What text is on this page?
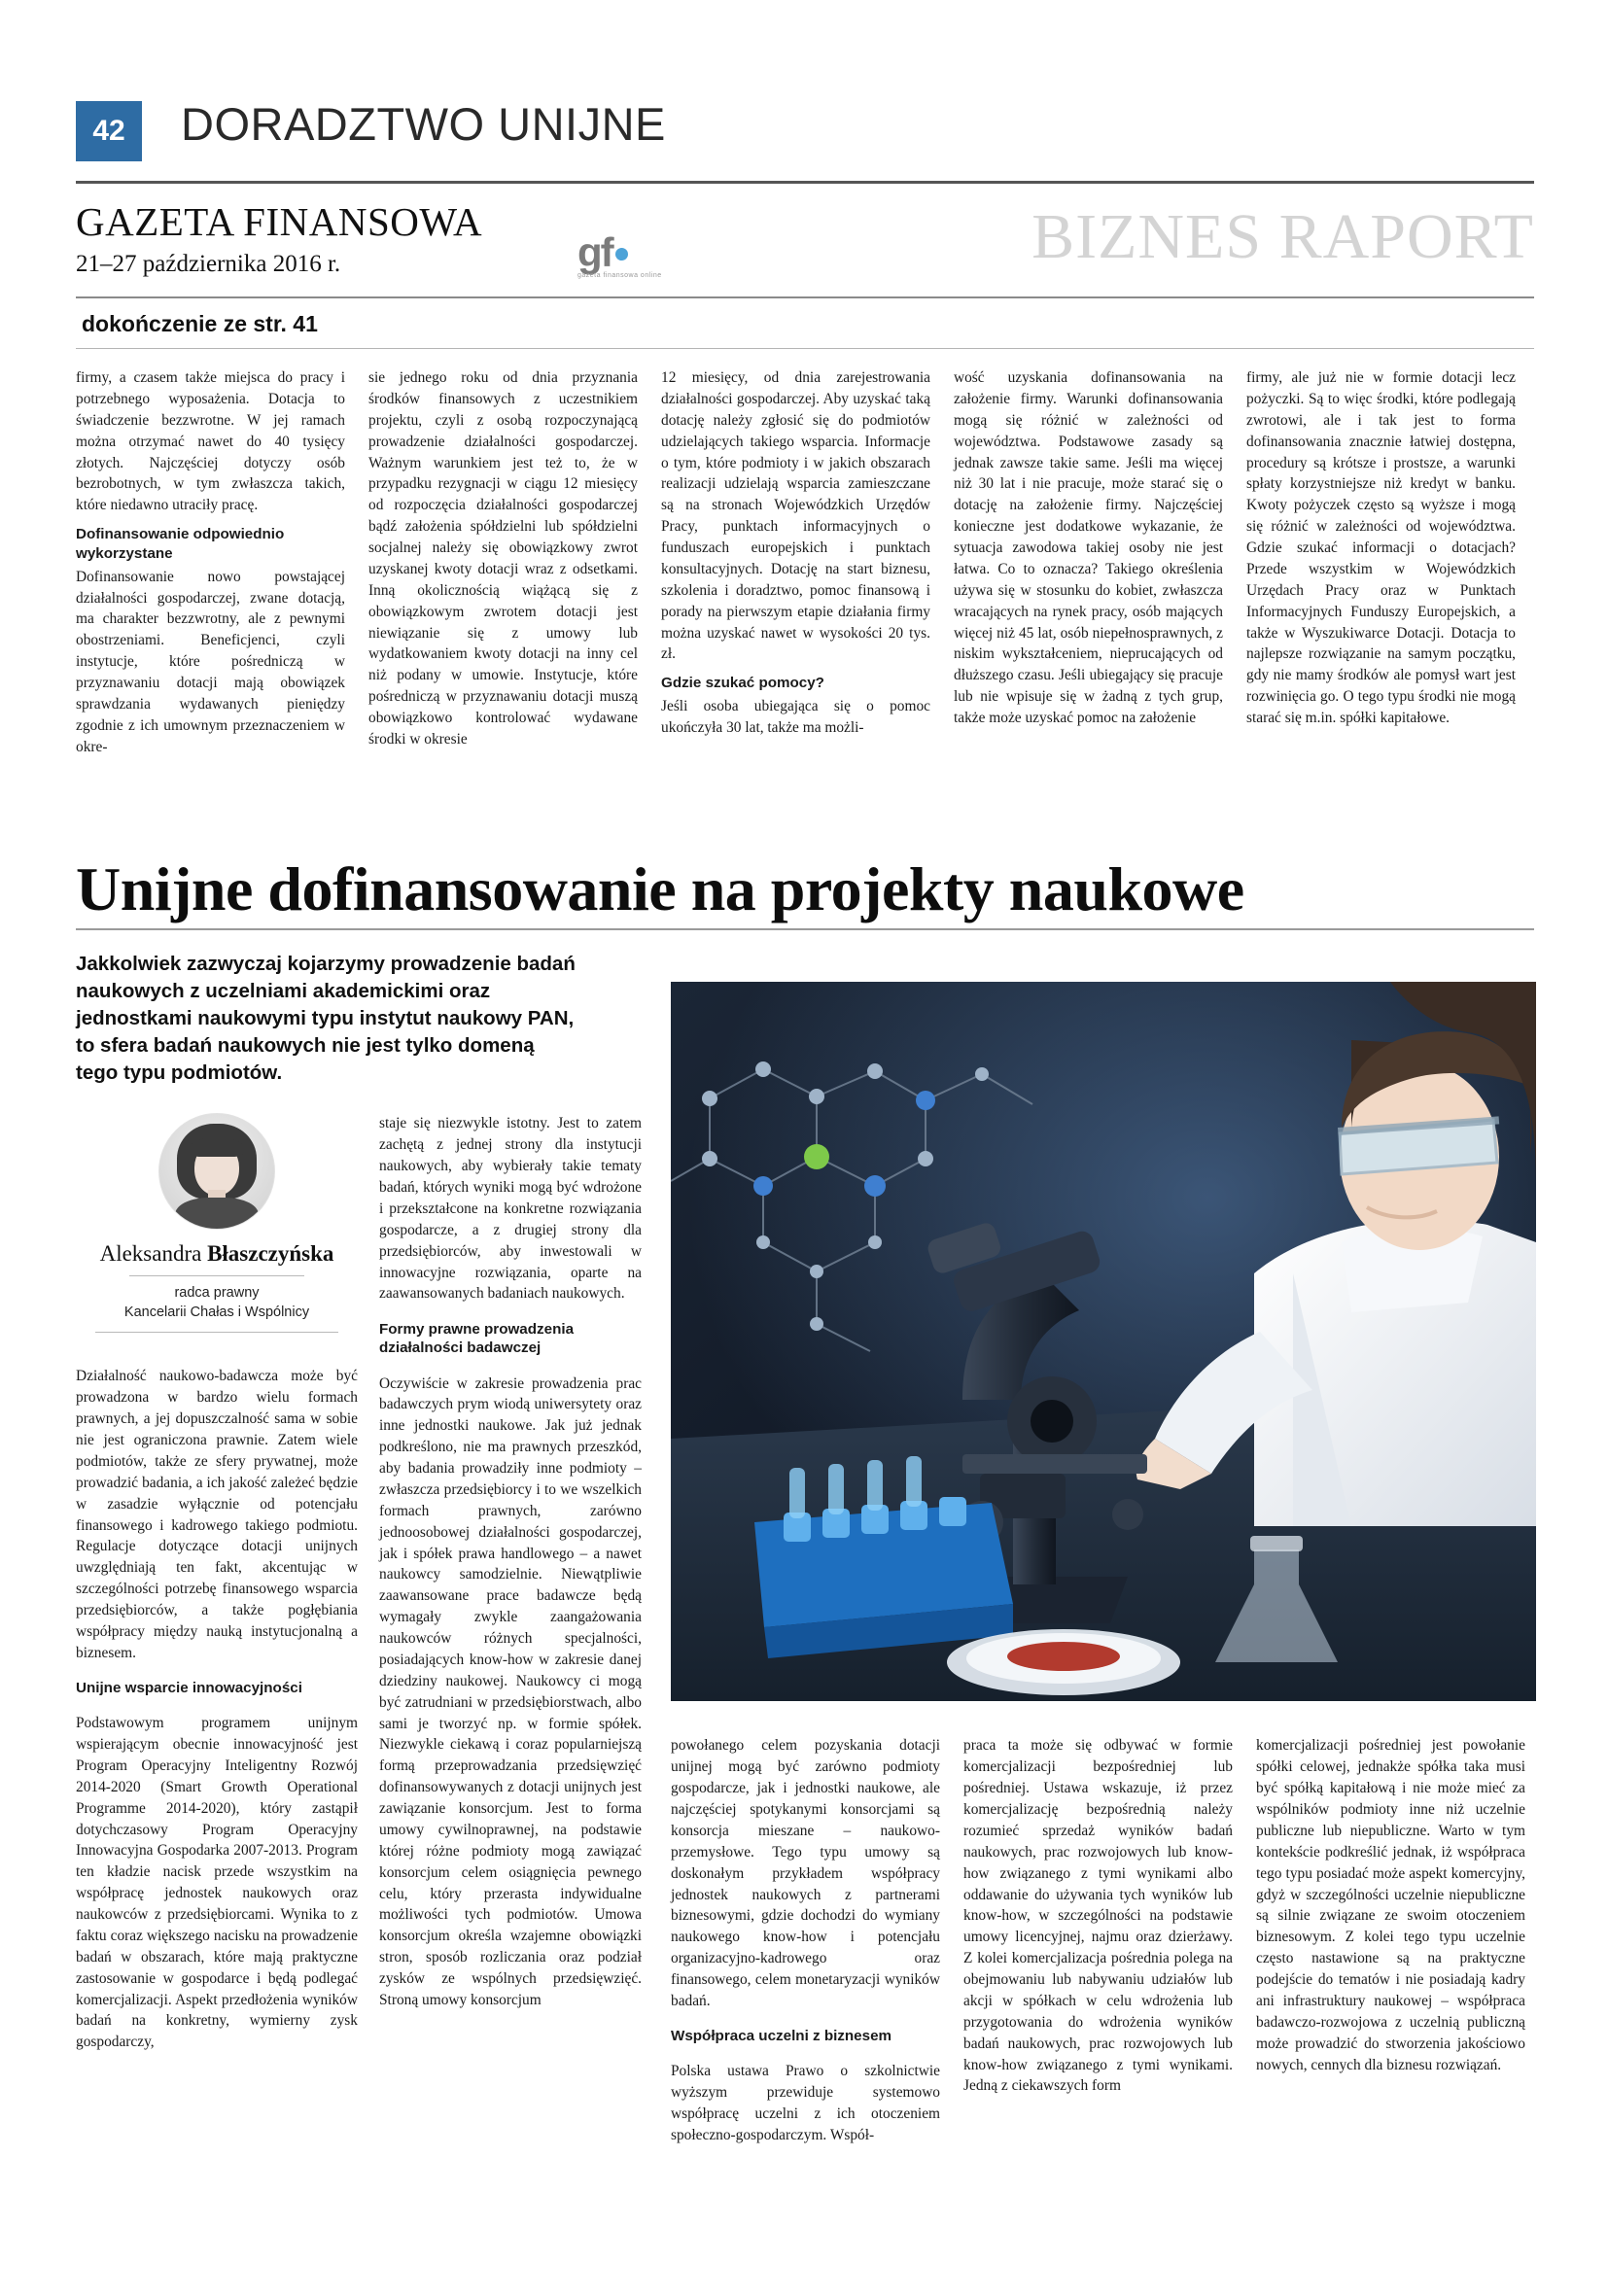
42	DORADZTWO UNIJNE
GAZETA FINANSOWA
21–27 października 2016 r.	gf
gazeta finansowa online
BIZNES RAPORT
dokończenie ze str. 41

firmy, a czasem także miejsca do pracy i potrzebnego wyposażenia. Dotacja to świadczenie bezzwrotne. W jej ramach można otrzymać nawet do 40 tysięcy złotych. Najczęściej dotyczy osób bezrobotnych, w tym zwłaszcza takich, które niedawno utraciły pracę.

Dofinansowanie odpowiednio wykorzystane

Dofinansowanie nowo powstającej działalności gospodarczej, zwane dotacją, ma charakter bezzwrotny, ale z pewnymi obostrzeniami. Beneficjenci, czyli instytucje, które pośredniczą w przyznawaniu dotacji mają obowiązek sprawdzania wydawanych pieniędzy zgodnie z ich umownym przeznaczeniem w okre-

sie jednego roku od dnia przyznania środków finansowych z uczestnikiem projektu, czyli z osobą rozpoczynającą prowadzenie działalności gospodarczej. Ważnym warunkiem jest też to, że w przypadku rezygnacji w ciągu 12 miesięcy od rozpoczęcia działalności gospodarczej bądź założenia spółdzielni lub spółdzielni socjalnej należy się obowiązkowy zwrot uzyskanej kwoty dotacji wraz z odsetkami. Inną okolicznością wiążącą się z obowiązkowym zwrotem dotacji jest niewiązanie się z umowy lub wydatkowaniem kwoty dotacji na inny cel niż podany w umowie. Instytucje, które pośredniczą w przyznawaniu dotacji muszą obowiązkowo kontrolować wydawane środki w okresie

12 miesięcy, od dnia zarejestrowania działalności gospodarczej. Aby uzyskać taką dotację należy zgłosić się do podmiotów udzielających takiego wsparcia. Informacje o tym, które podmioty i w jakich obszarach realizacji udzielają wsparcia zamieszczane są na stronach Wojewódzkich Urzędów Pracy, punktach informacyjnych o funduszach europejskich i punktach konsultacyjnych. Dotację na start biznesu, szkolenia i doradztwo, pomoc finansową i porady na pierwszym etapie działania firmy można uzyskać nawet w wysokości 20 tys. zł.

Gdzie szukać pomocy?

Jeśli osoba ubiegająca się o pomoc ukończyła 30 lat, także ma możli-

wość uzyskania dofinansowania na założenie firmy. Warunki dofinansowania mogą się różnić w zależności od województwa. Podstawowe zasady są jednak zawsze takie same. Jeśli ma więcej niż 30 lat i nie pracuje, może starać się o dotację na założenie firmy. Najczęściej konieczne jest dodatkowe wykazanie, że sytuacja zawodowa takiej osoby nie jest łatwa. Co to oznacza? Takiego określenia używa się w stosunku do kobiet, zwłaszcza wracających na rynek pracy, osób mających więcej niż 45 lat, osób niepełnosprawnych, z niskim wykształceniem, nieprucających od dłuższego czasu. Jeśli ubiegający się pracuje lub nie wpisuje się w żadną z tych grup, także może uzyskać pomoc na założenie

firmy, ale już nie w formie dotacji lecz pożyczki. Są to więc środki, które podlegają zwrotowi, ale i tak jest to forma dofinansowania znacznie łatwiej dostępna, procedury są krótsze i prostsze, a warunki spłaty korzystniejsze niż kredyt w banku. Kwoty pożyczek często są wyższe i mogą się różnić w zależności od województwa. Gdzie szukać informacji o dotacjach? Przede wszystkim w Wojewódzkich Urzędach Pracy oraz w Punktach Informacyjnych Funduszy Europejskich, a także w Wyszukiwarce Dotacji. Dotacja to najlepsze rozwiązanie na samym początku, gdy nie mamy środków ale pomysł wart jest rozwinięcia go. O tego typu środki nie mogą starać się m.in. spółki kapitałowe.

Unijne dofinansowanie na projekty naukowe
Jakkolwiek zazwyczaj kojarzymy prowadzenie badań naukowych z uczelniami akademickimi oraz jednostkami naukowymi typu instytut naukowy PAN, to sfera badań naukowych nie jest tylko domeną tego typu podmiotów.
Aleksandra Błaszczyńska
radca prawny
Kancelarii Chałas i Wspólnicy

Działalność naukowo-badawcza może być prowadzona w bardzo wielu formach prawnych, a jej dopuszczalność sama w sobie nie jest ograniczona prawnie. Zatem wiele podmiotów, także ze sfery prywatnej, może prowadzić badania, a ich jakość zależeć będzie w zasadzie wyłącznie od potencjału finansowego i kadrowego takiego podmiotu. Regulacje dotyczące dotacji unijnych uwzględniają ten fakt, akcentując w szczególności potrzebę finansowego wsparcia przedsiębiorców, a także pogłębiania współpracy między nauką instytucjonalną a biznesem.

Unijne wsparcie innowacyjności

Podstawowym programem unijnym wspierającym obecnie innowacyjność jest Program Operacyjny Inteligentny Rozwój 2014-2020 (Smart Growth Operational Programme 2014-2020), który zastąpił dotychczasowy Program Operacyjny Innowacyjna Gospodarka 2007-2013. Program ten kładzie nacisk przede wszystkim na współpracę jednostek naukowych oraz naukowców z przedsiębiorcami. Wynika to z faktu coraz większego nacisku na prowadzenie badań w obszarach, które mają praktyczne zastosowanie w gospodarce i będą podlegać komercjalizacji. Aspekt przedłożenia wyników badań na konkretny, wymierny zysk gospodarczy,

staje się niezwykle istotny. Jest to zatem zachętą z jednej strony dla instytucji naukowych, aby wybierały takie tematy badań, których wyniki mogą być wdrożone i przekształcone na konkretne rozwiązania gospodarcze, a z drugiej strony dla przedsiębiorców, aby inwestowali w innowacyjne rozwiązania, oparte na zaawansowanych badaniach naukowych.

Formy prawne prowadzenia działalności badawczej

Oczywiście w zakresie prowadzenia prac badawczych prym wiodą uniwersytety oraz inne jednostki naukowe. Jak już jednak podkreślono, nie ma prawnych przeszkód, aby badania prowadziły inne podmioty – zwłaszcza przedsiębiorcy i to we wszelkich formach prawnych, zarówno jednoosobowej działalności gospodarczej, jak i spółek prawa handlowego – a nawet naukowcy samodzielnie. Niewątpliwie zaawansowane prace badawcze będą wymagały zwykle zaangażowania naukowców różnych specjalności, posiadających know-how w zakresie danej dziedziny naukowej. Naukowcy ci mogą być zatrudniani w przedsiębiorstwach, albo sami je tworzyć np. w formie spółek. Niezwykle ciekawą i coraz popularniejszą formą przeprowadzania przedsięwzięć dofinansowywanych z dotacji unijnych jest zawiązanie konsorcjum. Jest to forma umowy cywilnoprawnej, na podstawie której różne podmioty mogą zawiązać konsorcjum celem osiągnięcia pewnego celu, który przerasta indywidualne możliwości tych podmiotów. Umowa konsorcjum określa wzajemne obowiązki stron, sposób rozliczania oraz podział zysków ze wspólnych przedsięwzięć. Stroną umowy konsorcjum

powołanego celem pozyskania dotacji unijnej mogą być zarówno podmioty gospodarcze, jak i jednostki naukowe, ale najczęściej spotykanymi konsorcjami są konsorcja mieszane – naukowo-przemysłowe. Tego typu umowy są doskonałym przykładem współpracy jednostek naukowych z partnerami biznesowymi, gdzie dochodzi do wymiany naukowego know-how i potencjału organizacyjno-kadrowego oraz finansowego, celem monetaryzacji wyników badań.

Współpraca uczelni z biznesem

Polska ustawa Prawo o szkolnictwie wyższym przewiduje systemowo współpracę uczelni z ich otoczeniem społeczno-gospodarczym. Współ-

praca ta może się odbywać w formie komercjalizacji bezpośredniej lub pośredniej. Ustawa wskazuje, iż przez komercjalizację bezpośrednią należy rozumieć sprzedaż wyników badań naukowych, prac rozwojowych lub know-how związanego z tymi wynikami albo oddawanie do używania tych wyników lub know-how, w szczególności na podstawie umowy licencyjnej, najmu oraz dzierżawy. Z kolei komercjalizacja pośrednia polega na obejmowaniu lub nabywaniu udziałów lub akcji w spółkach w celu wdrożenia lub przygotowania do wdrożenia wyników badań naukowych, prac rozwojowych lub know-how związanego z tymi wynikami. Jedną z ciekawszych form

komercjalizacji pośredniej jest powołanie spółki celowej, jednakże spółka taka musi być spółką kapitałową i nie może mieć za wspólników podmioty inne niż uczelnie publiczne lub niepubliczne. Warto w tym kontekście podkreślić jednak, iż współpraca tego typu posiadać może aspekt komercyjny, gdyż w szczególności uczelnie niepubliczne są silnie związane ze swoim otoczeniem biznesowym. Z kolei tego typu uczelnie często nastawione są na praktyczne podejście do tematów i nie posiadają kadry ani infrastruktury naukowej – współpraca badawczo-rozwojowa z uczelnią publiczną może prowadzić do stworzenia jakościowo nowych, cennych dla biznesu rozwiązań.
